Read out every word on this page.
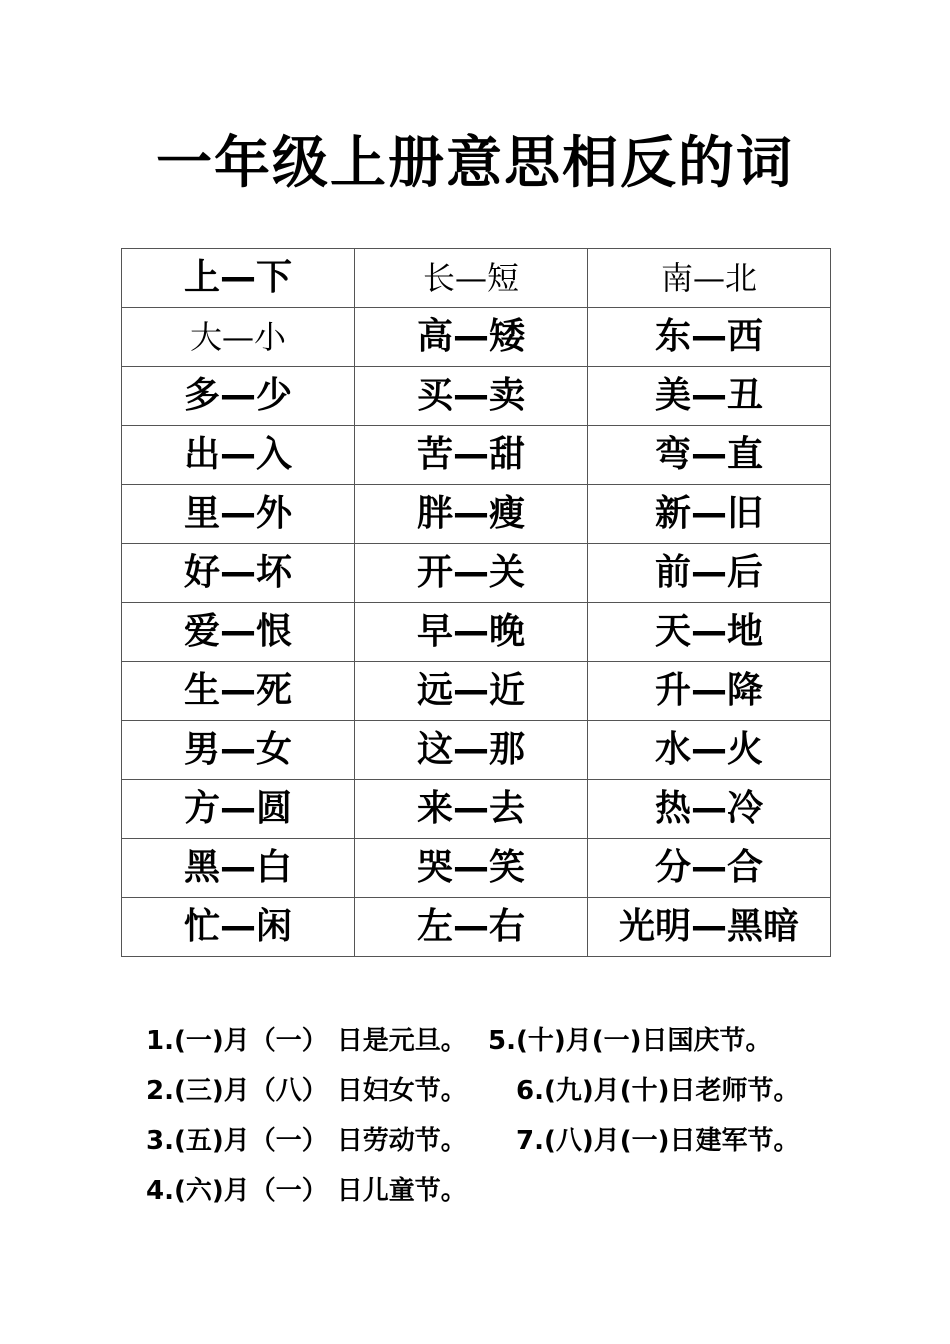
一年级上册意思相反的词
上—下	长—短	南—北
大—小	高—矮	东—西
多—少	买—卖	美—丑
出—入	苦—甜	弯—直
里—外	胖—瘦	新—旧
好—坏	开—关	前—后
爱—恨	早—晚	天—地
生—死	远—近	升—降
男—女	这—那	水—火
方—圆	来—去	热—冷
黑—白	哭—笑	分—合
忙—闲	左—右	光明—黑暗
1.(一)月（一） 日是元旦。 5.(十)月(一)日国庆节。
2.(三)月（八） 日妇女节。 6.(九)月(十)日老师节。
3.(五)月（一） 日劳动节。 7.(八)月(一)日建军节。
4.(六)月（一） 日儿童节。
